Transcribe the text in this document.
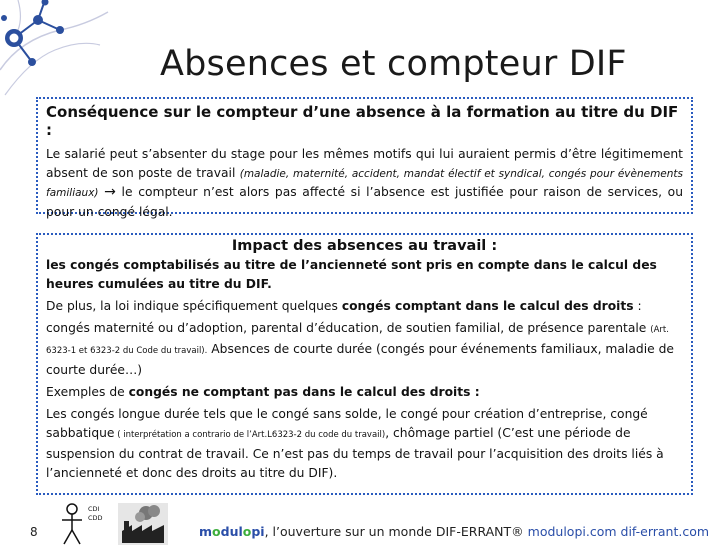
Absences et compteur DIF
Conséquence sur le compteur d’une absence à la formation au titre du DIF :
Le salarié peut s’absenter du stage pour les mêmes motifs qui lui auraient permis d’être légitimement absent de son poste de travail (maladie, maternité, accident, mandat électif et syndical, congés pour évènements familiaux) → le compteur n’est alors pas affecté si l’absence est justifiée pour raison de services, ou pour un congé légal.
Impact des absences au travail :

les congés comptabilisés au titre de l’ancienneté sont pris en compte dans le calcul des heures cumulées au titre du DIF.

De plus, la loi indique spécifiquement quelques congés comptant dans le calcul des droits :

congés maternité ou d’adoption, parental d’éducation, de soutien familial, de présence parentale (Art. 6323-1 et 6323-2 du Code du travail). Absences de courte durée (congés pour événements familiaux, maladie de courte durée…)

Exemples de congés ne comptant pas dans le calcul des droits :

Les congés longue durée tels que le congé sans solde, le congé pour création d’entreprise, congé sabbatique ( interprétation a contrario de l’Art.L6323-2 du code du travail), chômage partiel (C’est une période de suspension du contrat de travail. Ce n’est pas du temps de travail pour l’acquisition des droits liés à l’ancienneté et donc des droits au titre du DIF).

8
CDI
CDD
modulopi, l’ouverture sur un monde DIF-ERRANT® modulopi.com dif-errant.com
